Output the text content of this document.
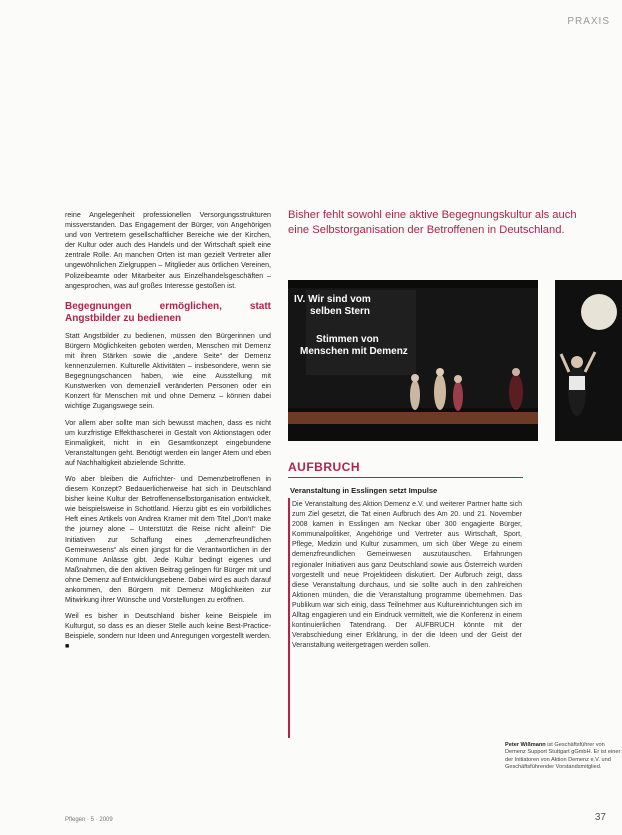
PRAXIS

reine Angelegenheit professionellen Versorgungsstrukturen missverstanden. Das Engagement der Bürger, von Angehörigen und von Vertretern gesellschaftlicher Bereiche wie der Kirchen, der Kultur oder auch des Handels und der Wirtschaft spielt eine zentrale Rolle. An manchen Orten ist man gezielt Vertreter aller ungewöhnlichen Zielgruppen – Mitglieder aus örtlichen Vereinen, Polizeibeamte oder Mitarbeiter aus Einzelhandelsgeschäften – angesprochen, was auf großes Interesse gestoßen ist.

Begegnungen ermöglichen, statt Angstbilder zu bedienen

Statt Angstbilder zu bedienen, müssen den Bürgerinnen und Bürgern Möglichkeiten geboten werden, Menschen mit Demenz mit ihren Stärken sowie die „andere Seite“ der Demenz kennenzulernen. Kulturelle Aktivitäten – insbesondere, wenn sie Begegnungschancen haben, wie eine Ausstellung mit Kunstwerken von demenziell veränderten Personen oder ein Konzert für Menschen mit und ohne Demenz – können dabei wichtige Zugangswege sein.

Vor allem aber sollte man sich bewusst machen, dass es nicht um kurzfristige Effekthascherei in Gestalt von Aktionstagen oder Einmaligkeit, nicht in ein Gesamtkonzept eingebundene Veranstaltungen geht. Benötigt werden ein langer Atem und eben auf Nachhaltigkeit abzielende Schritte.

Wo aber bleiben die Aufrichter- und Demenzbetroffenen in diesem Konzept? Bedauerlicherweise hat sich in Deutschland bisher keine Kultur der Betroffenenselbstorganisation entwickelt, wie beispielsweise in Schottland. Hierzu gibt es ein vorbildliches Heft eines Artikels von Andrea Kramer mit dem Titel „Don’t make the journey alone – Unterstützt die Reise nicht allein!“ Die Initiativen zur Schaffung eines „demenzfreundlichen Gemeinwesens“ als einen jüngst für die Verantwortlichen in der Kommune Anlässe gibt. Jede Kultur bedingt eigenes und Maßnahmen, die den aktiven Beitrag gelingen für Bürger mit und ohne Demenz auf Entwicklungsebene. Dabei wird es auch darauf ankommen, den Bürgern mit Demenz Möglichkeiten zur Mitwirkung ihrer Wünsche und Vorstellungen zu eröffnen.

Weil es bisher in Deutschland bisher keine Beispiele im Kulturgut, so dass es an dieser Stelle auch keine Best-Practice-Beispiele, sondern nur Ideen und Anregungen vorgestellt werden. ■

Bisher fehlt sowohl eine aktive Begegnungskultur als auch eine Selbstorganisation der Betroffenen in Deutschland.
IV. Wir sind vom
selben Stern
Stimmen von
Menschen mit Demenz
AUFBRUCH
Veranstaltung in Esslingen setzt Impulse

Die Veranstaltung des Aktion Demenz e.V. und weiterer Partner hatte sich zum Ziel gesetzt, die Tat einen Aufbruch des Am 20. und 21. November 2008 kamen in Esslingen am Neckar über 300 engagierte Bürger, Kommunalpolitiker, Angehörige und Vertreter aus Wirtschaft, Sport, Pflege, Medizin und Kultur zusammen, um sich über Wege zu einem demenzfreundlichen Gemeinwesen auszutauschen. Erfahrungen regionaler Initiativen aus ganz Deutschland sowie aus Österreich wurden vorgestellt und neue Projektideen diskutiert. Der Aufbruch zeigt, dass diese Veranstaltung durchaus, und sie sollte auch in den zahlreichen Aktionen münden, die die Veranstaltung programme übernehmen. Das Publikum war sich einig, dass Teilnehmer aus Kultureinrichtungen sich im Alltag engagieren und ein Eindruck vermittelt, wie die Konferenz in einem kontinuierlichen Tatendrang. Der AUFBRUCH könnte mit der Verabschiedung einer Erklärung, in der die Ideen und der Geist der Veranstaltung weitergetragen werden sollen.

Peter Wißmann ist Geschäftsführer von Demenz Support Stuttgart gGmbH. Er ist einer der Initiatoren von Aktion Demenz e.V. und Geschäftsführender Vorstandsmitglied.
Pflegen · 5 · 2009	37
